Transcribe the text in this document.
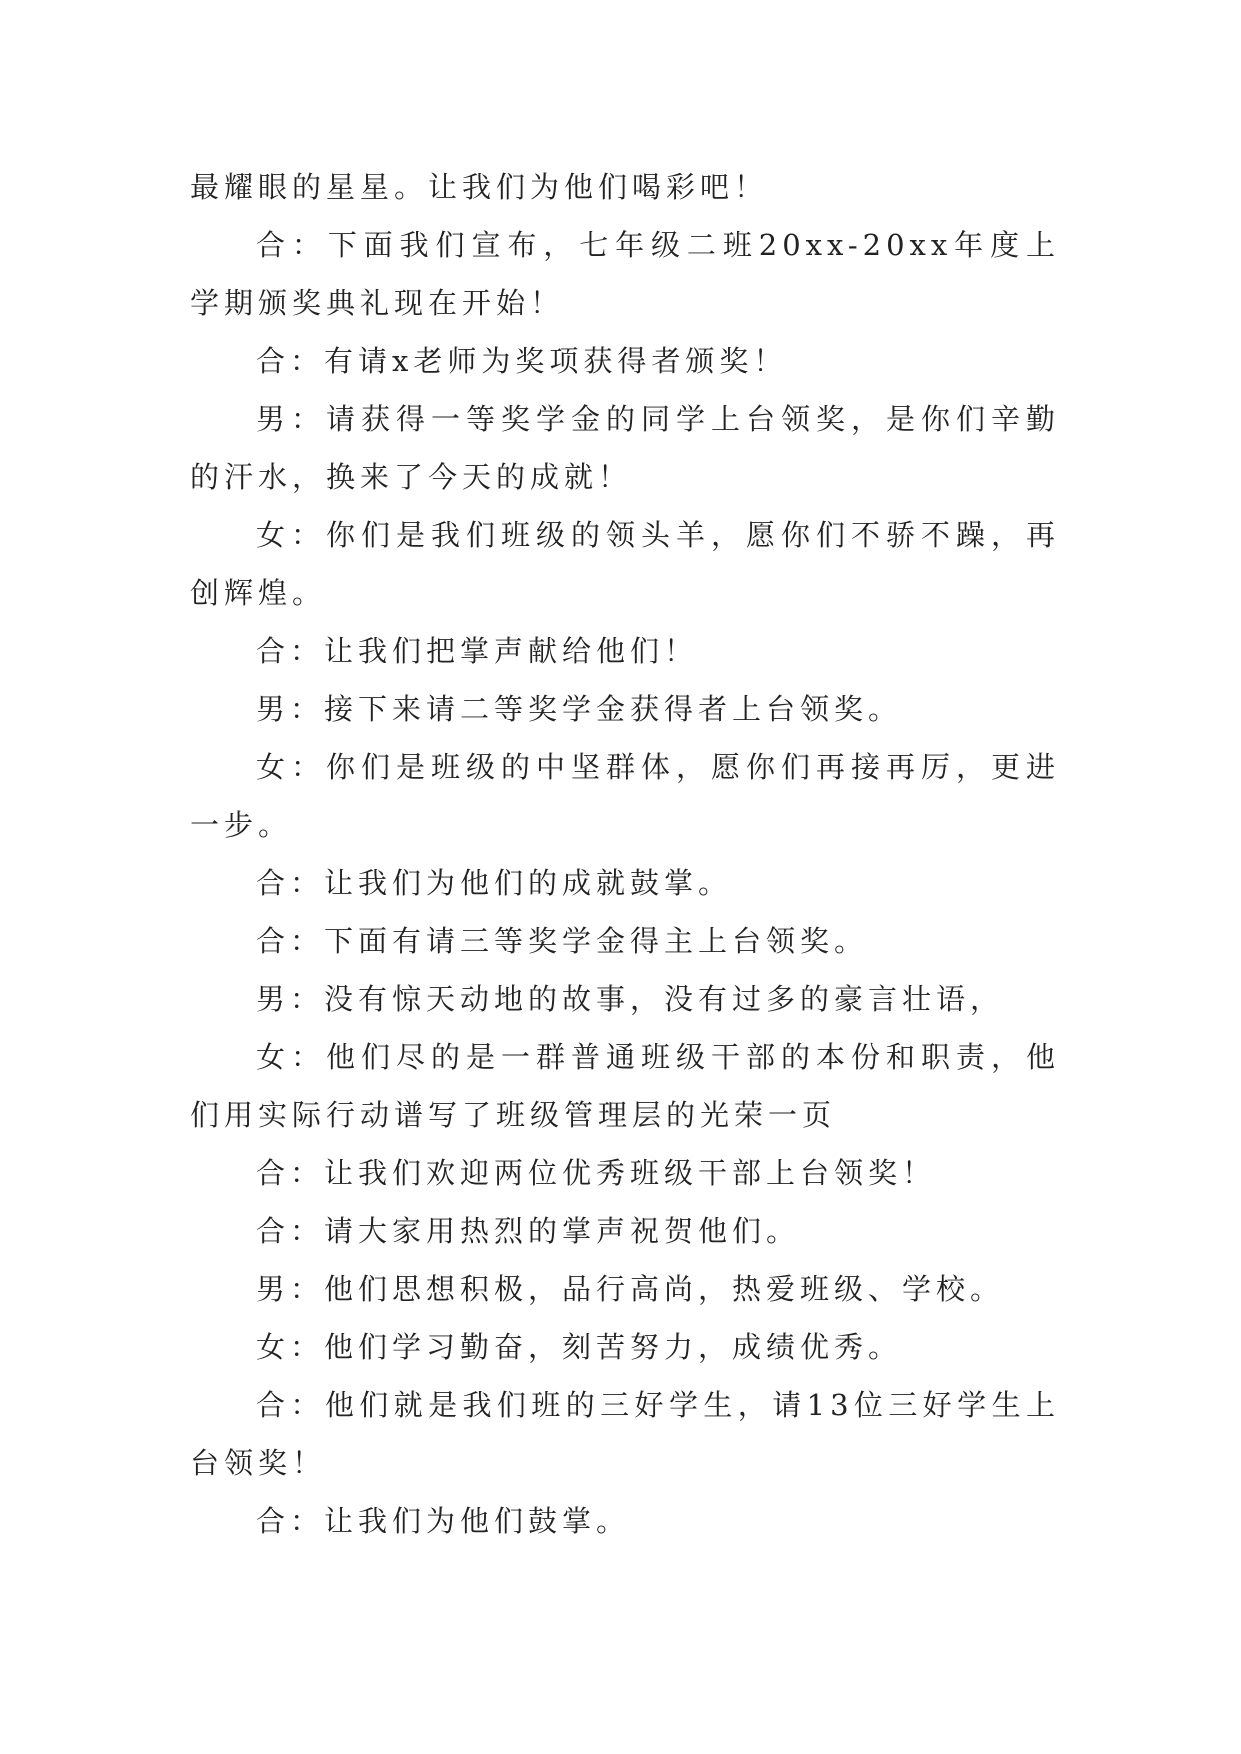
最耀眼的星星。让我们为他们喝彩吧！

合：下面我们宣布，七年级二班20xx-20xx年度上学期颁奖典礼现在开始！

合：有请x老师为奖项获得者颁奖！

男：请获得一等奖学金的同学上台领奖，是你们辛勤的汗水，换来了今天的成就！

女：你们是我们班级的领头羊，愿你们不骄不躁，再创辉煌。

合：让我们把掌声献给他们！

男：接下来请二等奖学金获得者上台领奖。

女：你们是班级的中坚群体，愿你们再接再厉，更进一步。

合：让我们为他们的成就鼓掌。

合：下面有请三等奖学金得主上台领奖。

男：没有惊天动地的故事，没有过多的豪言壮语，

女：他们尽的是一群普通班级干部的本份和职责，他们用实际行动谱写了班级管理层的光荣一页

合：让我们欢迎两位优秀班级干部上台领奖！

合：请大家用热烈的掌声祝贺他们。

男：他们思想积极，品行高尚，热爱班级、学校。

女：他们学习勤奋，刻苦努力，成绩优秀。

合：他们就是我们班的三好学生，请13位三好学生上台领奖！

合：让我们为他们鼓掌。
